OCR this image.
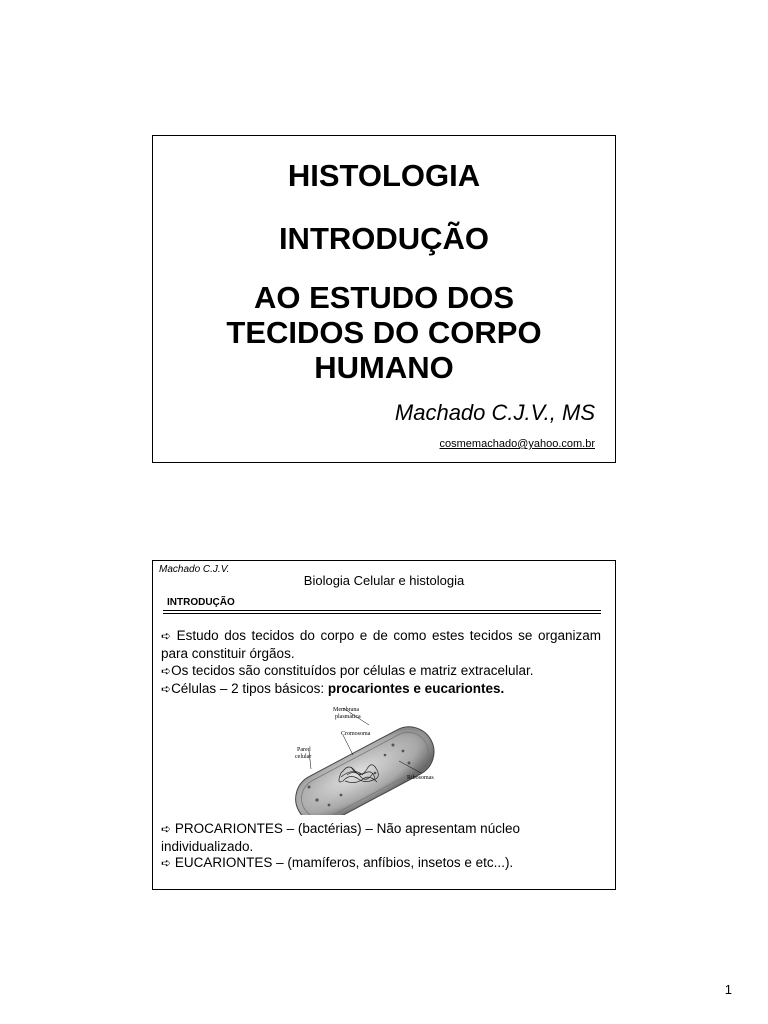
HISTOLOGIA
INTRODUÇÃO
AO ESTUDO DOS
TECIDOS DO CORPO
HUMANO
Machado C.J.V., MS
cosmemachado@yahoo.com.br
Machado C.J.V.
Biologia Celular e histologia
INTRODUÇÃO
➪ Estudo dos tecidos do corpo e de como estes tecidos se organizam para constituir órgãos.
➪Os tecidos são constituídos por células e matriz extracelular.
➪Células – 2 tipos básicos: procariontes e eucariontes.
Membrana
plasmática
Cromosoma
Pared
celular
Ribosomas
➪ PROCARIONTES – (bactérias) – Não apresentam núcleo individualizado.
➪ EUCARIONTES – (mamíferos, anfíbios, insetos e etc...).
1
